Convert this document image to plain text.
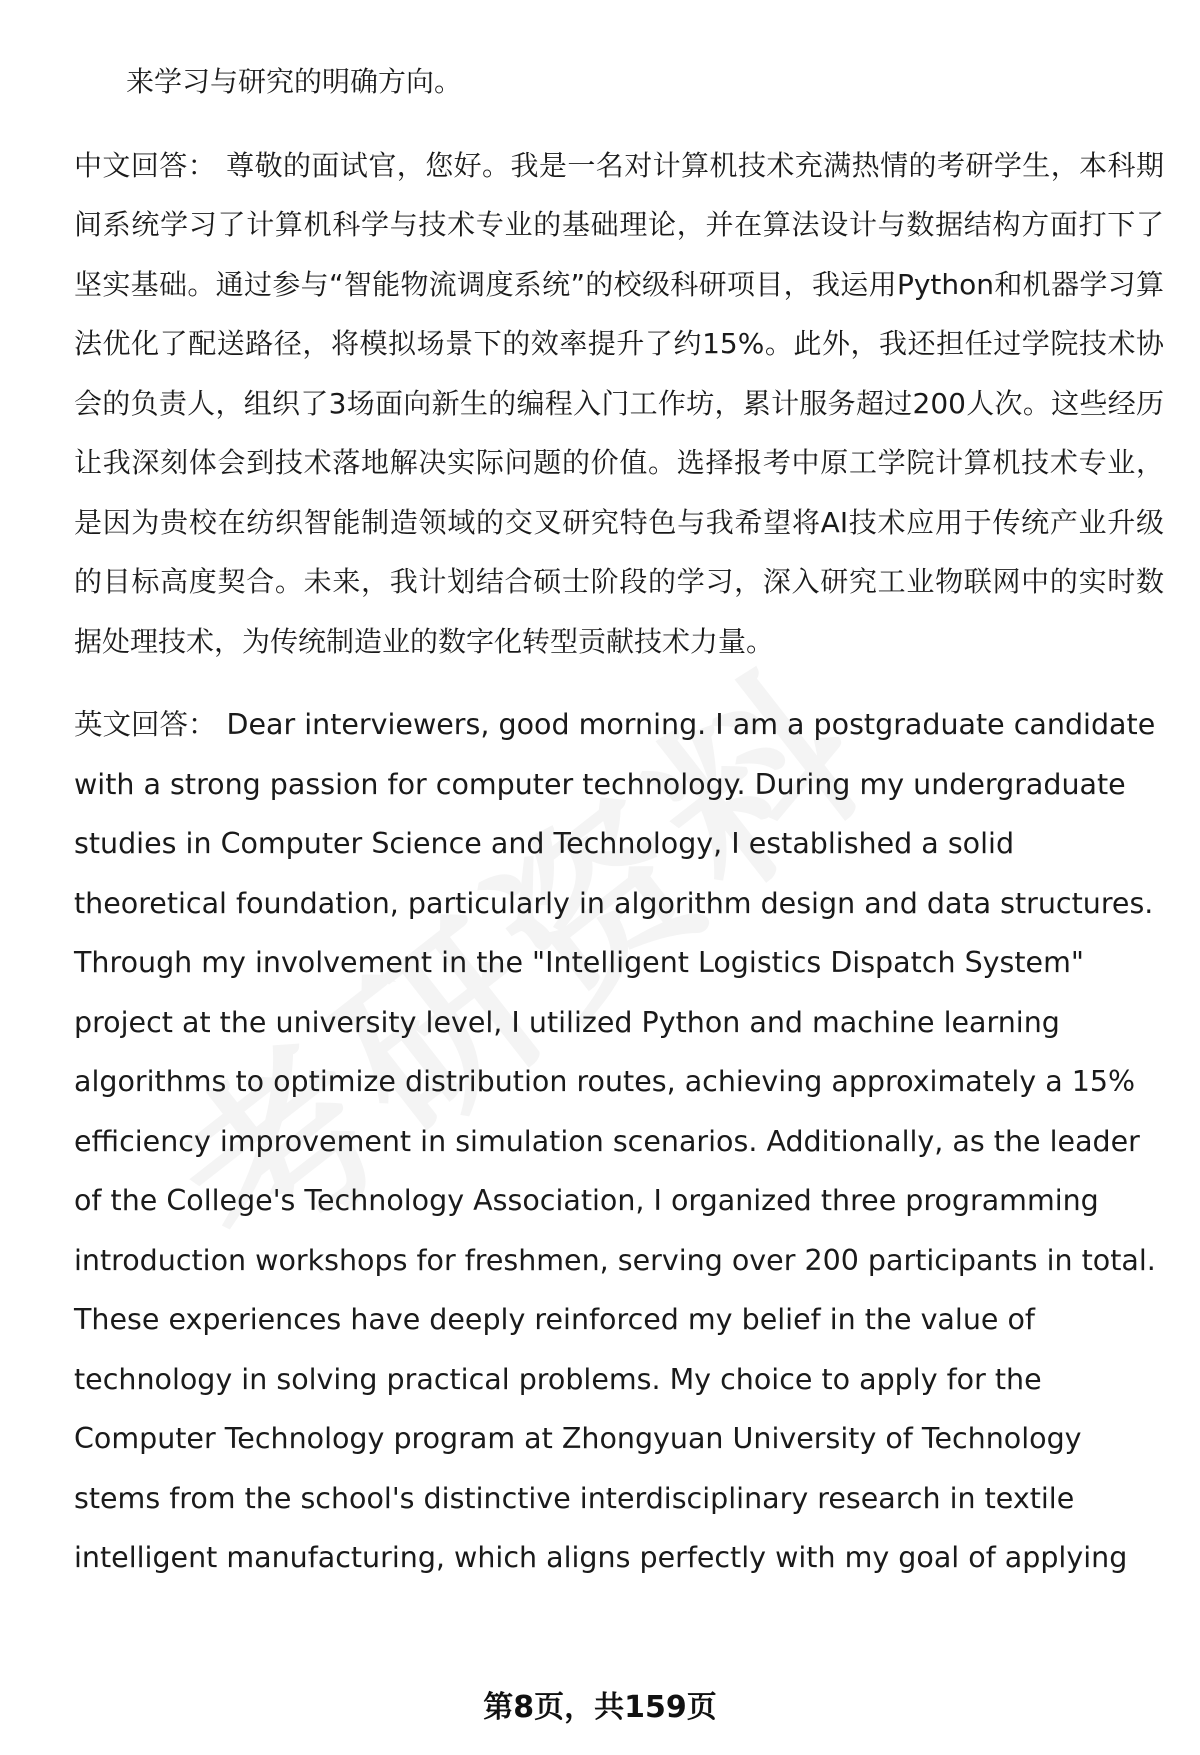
来学习与研究的明确方向。

中文回答： 尊敬的面试官，您好。我是一名对计算机技术充满热情的考研学生，本科期间系统学习了计算机科学与技术专业的基础理论，并在算法设计与数据结构方面打下了坚实基础。通过参与“智能物流调度系统”的校级科研项目，我运用Python和机器学习算法优化了配送路径，将模拟场景下的效率提升了约15%。此外，我还担任过学院技术协会的负责人，组织了3场面向新生的编程入门工作坊，累计服务超过200人次。这些经历让我深刻体会到技术落地解决实际问题的价值。选择报考中原工学院计算机技术专业，是因为贵校在纺织智能制造领域的交叉研究特色与我希望将AI技术应用于传统产业升级的目标高度契合。未来，我计划结合硕士阶段的学习，深入研究工业物联网中的实时数据处理技术，为传统制造业的数字化转型贡献技术力量。

英文回答： Dear interviewers, good morning. I am a postgraduate candidate with a strong passion for computer technology. During my undergraduate studies in Computer Science and Technology, I established a solid theoretical foundation, particularly in algorithm design and data structures. Through my involvement in the "Intelligent Logistics Dispatch System" project at the university level, I utilized Python and machine learning algorithms to optimize distribution routes, achieving approximately a 15% efficiency improvement in simulation scenarios. Additionally, as the leader of the College's Technology Association, I organized three programming introduction workshops for freshmen, serving over 200 participants in total. These experiences have deeply reinforced my belief in the value of technology in solving practical problems. My choice to apply for the Computer Technology program at Zhongyuan University of Technology stems from the school's distinctive interdisciplinary research in textile intelligent manufacturing, which aligns perfectly with my goal of applying

第8页，共159页
